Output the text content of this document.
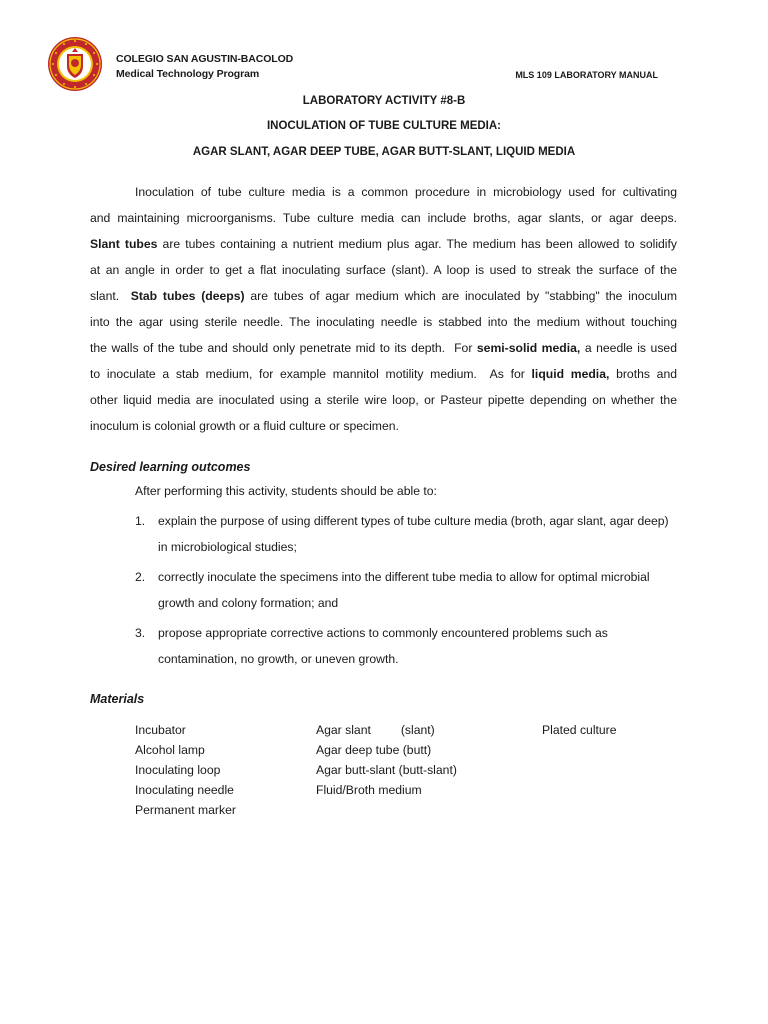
COLEGIO SAN AGUSTIN-BACOLOD
Medical Technology Program	MLS 109 LABORATORY MANUAL
LABORATORY ACTIVITY #8-B
INOCULATION OF TUBE CULTURE MEDIA:
AGAR SLANT, AGAR DEEP TUBE, AGAR BUTT-SLANT, LIQUID MEDIA
Inoculation of tube culture media is a common procedure in microbiology used for cultivating
and maintaining microorganisms. Tube culture media can include broths, agar slants, or agar deeps.
Slant tubes are tubes containing a nutrient medium plus agar. The medium has been allowed to solidify
at an angle in order to get a flat inoculating surface (slant). A loop is used to streak the surface of the
slant.  Stab tubes (deeps) are tubes of agar medium which are inoculated by "stabbing" the inoculum
into the agar using sterile needle. The inoculating needle is stabbed into the medium without touching
the walls of the tube and should only penetrate mid to its depth.  For semi-solid media, a needle is used
to inoculate a stab medium, for example mannitol motility medium.  As for liquid media, broths and
other liquid media are inoculated using a sterile wire loop, or Pasteur pipette depending on whether the
inoculum is colonial growth or a fluid culture or specimen.
Desired learning outcomes
After performing this activity, students should be able to:
1. explain the purpose of using different types of tube culture media (broth, agar slant, agar deep) in microbiological studies;
2. correctly inoculate the specimens into the different tube media to allow for optimal microbial growth and colony formation; and
3. propose appropriate corrective actions to commonly encountered problems such as contamination, no growth, or uneven growth.
Materials
Incubator
Alcohol lamp
Inoculating loop
Inoculating needle
Permanent marker
Agar slant (slant)
Agar deep tube (butt)
Agar butt-slant (butt-slant)
Fluid/Broth medium
Plated culture
